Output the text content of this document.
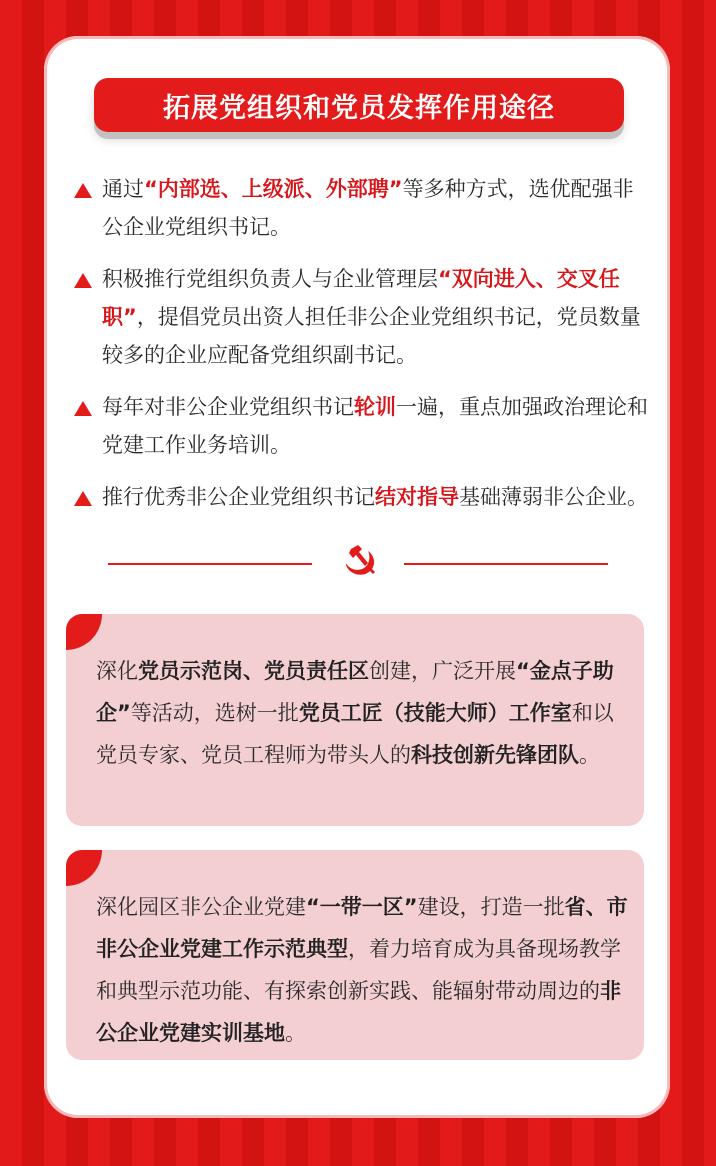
拓展党组织和党员发挥作用途径
通过“内部选、上级派、外部聘”等多种方式，选优配强非公企业党组织书记。
积极推行党组织负责人与企业管理层“双向进入、交叉任职”，提倡党员出资人担任非公企业党组织书记，党员数量较多的企业应配备党组织副书记。
每年对非公企业党组织书记轮训一遍，重点加强政治理论和党建工作业务培训。
推行优秀非公企业党组织书记结对指导基础薄弱非公企业。
深化党员示范岗、党员责任区创建，广泛开展“金点子助企”等活动，选树一批党员工匠（技能大师）工作室和以党员专家、党员工程师为带头人的科技创新先锋团队。
深化园区非公企业党建“一带一区”建设，打造一批省、市非公企业党建工作示范典型，着力培育成为具备现场教学和典型示范功能、有探索创新实践、能辐射带动周边的非公企业党建实训基地。
